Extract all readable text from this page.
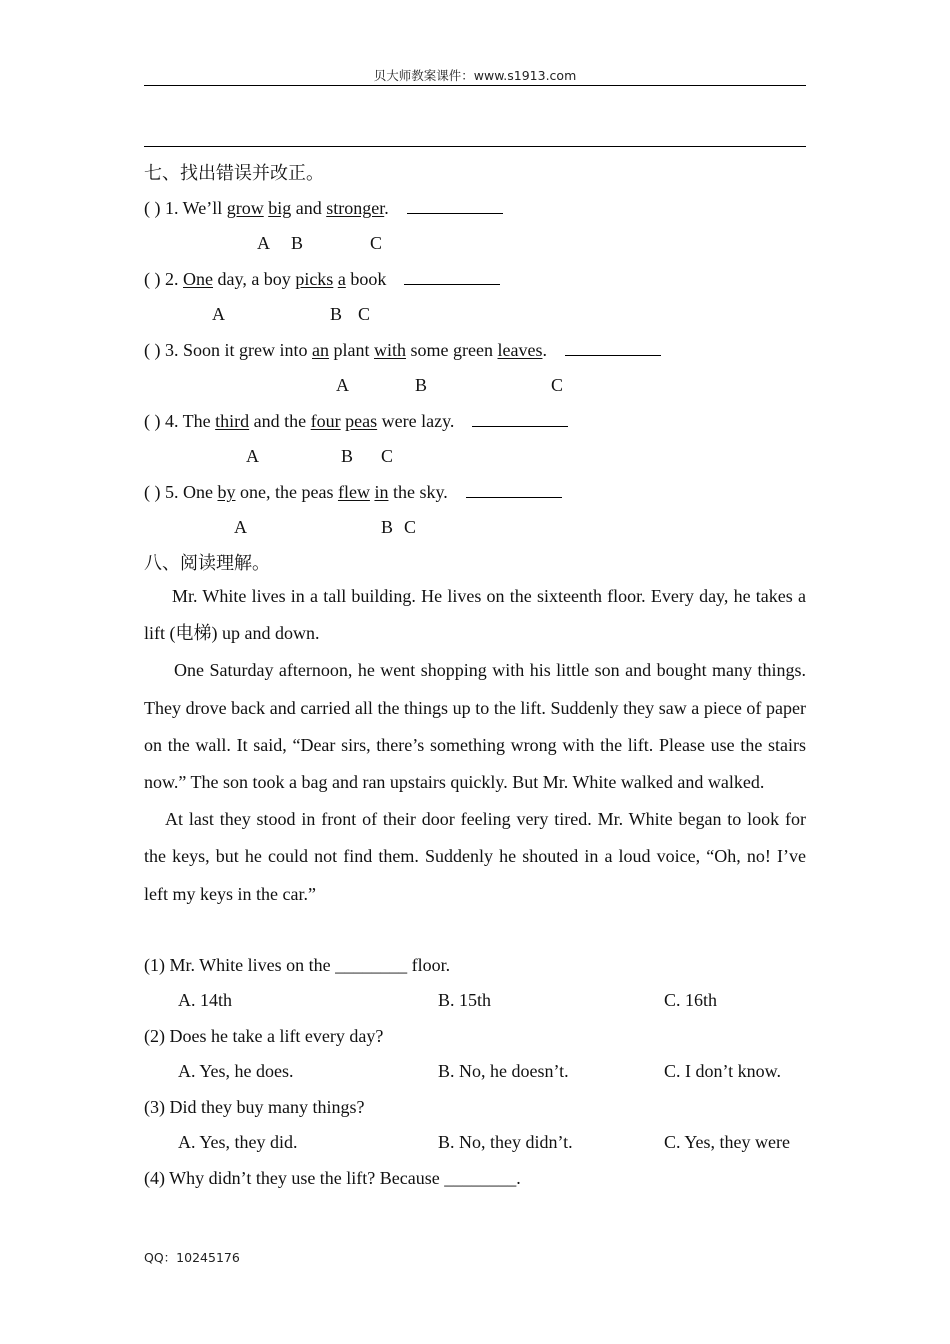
贝大师教案课件：www.s1913.com
七、找出错误并改正。
( ) 1. We’ll grow big and stronger.
A B	C
( ) 2. One day, a boy picks a book
A	B C
( ) 3. Soon it grew into an plant with some green leaves.
A	B	C
( ) 4. The third and the four peas were lazy.
A	B C
( ) 5. One by one, the peas flew in the sky.
A	B C
八、阅读理解。

Mr. White lives in a tall building. He lives on the sixteenth floor. Every day, he takes a lift (电梯) up and down.

One Saturday afternoon, he went shopping with his little son and bought many things. They drove back and carried all the things up to the lift. Suddenly they saw a piece of paper on the wall. It said, “Dear sirs, there’s something wrong with the lift. Please use the stairs now.” The son took a bag and ran upstairs quickly. But Mr. White walked and walked.

At last they stood in front of their door feeling very tired. Mr. White began to look for the keys, but he could not find them. Suddenly he shouted in a loud voice, “Oh, no! I’ve left my keys in the car.”

(1) Mr. White lives on the ________ floor.
A. 14th	B. 15th	C. 16th
(2) Does he take a lift every day?
A. Yes, he does.	B. No, he doesn’t.	C. I don’t know.
(3) Did they buy many things?
A. Yes, they did.	B. No, they didn’t.	C. Yes, they were
(4) Why didn’t they use the lift? Because ________.
QQ：10245176
